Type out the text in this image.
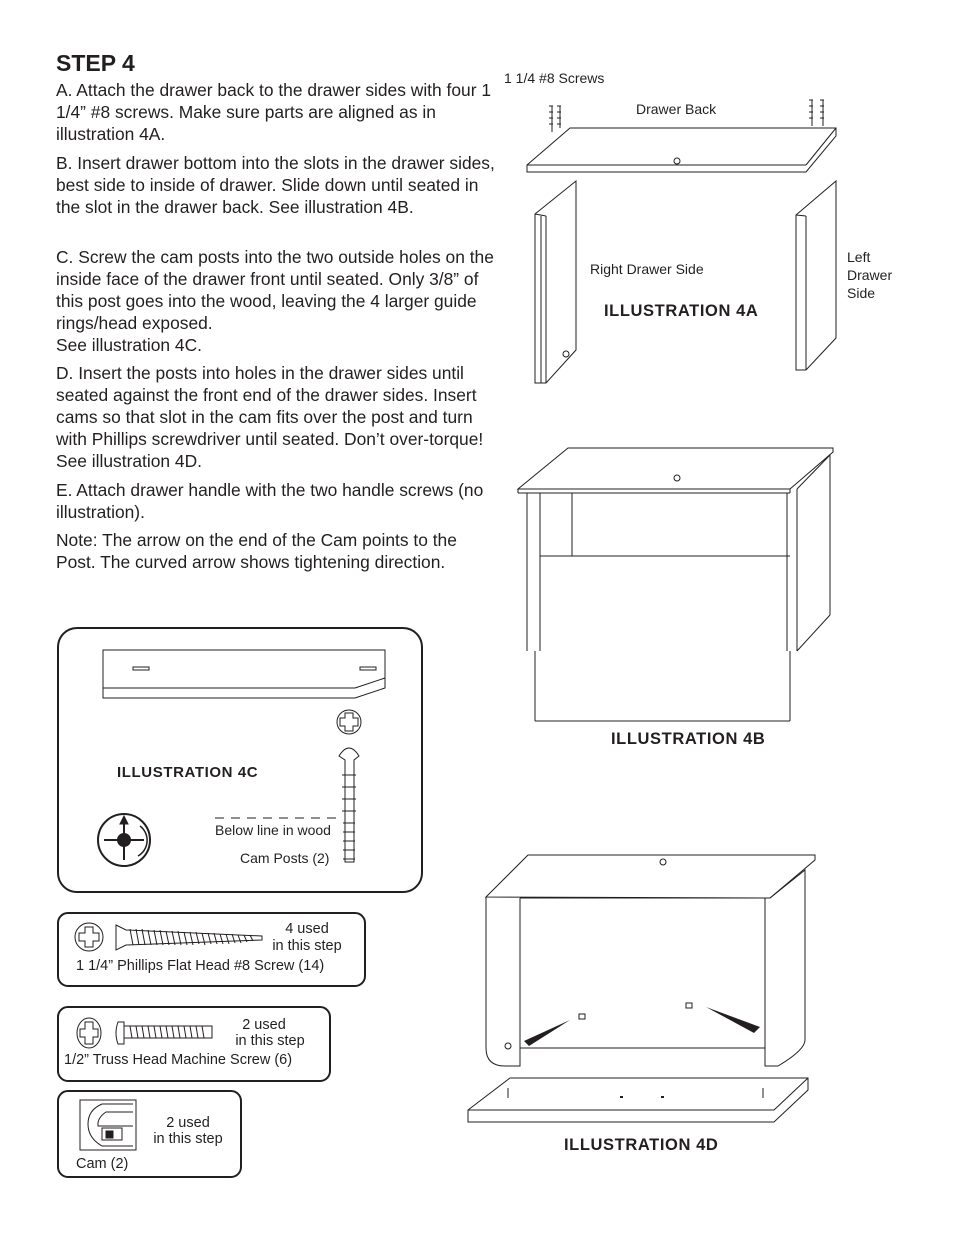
STEP 4

A. Attach the drawer back to the drawer sides with four 1 1/4” #8 screws. Make sure parts are aligned as in illustration 4A.

B. Insert drawer bottom into the slots in the drawer sides, best side to inside of drawer. Slide down until seated in the slot in the drawer back. See illustration 4B.

C. Screw the cam posts into the two outside holes on the inside face of the drawer front until seated. Only 3/8” of this post goes into the wood, leaving the 4 larger guide rings/head exposed.

See illustration 4C.

D. Insert the posts into holes in the drawer sides until seated against the front end of the drawer sides. Insert cams so that slot in the cam fits over the post and turn with Phillips screwdriver until seated. Don’t over-torque! See illustration 4D.

E. Attach drawer handle with the two handle screws (no illustration).

Note: The arrow on the end of the Cam points to the Post. The curved arrow shows tightening direction.

1 1/4 #8 Screws
Drawer Back
Right Drawer Side
Left
Drawer
Side
ILLUSTRATION 4A
ILLUSTRATION 4B
ILLUSTRATION 4D
ILLUSTRATION 4C
Below line in wood
Cam Posts (2)
4 used
in this step
1 1/4” Phillips Flat Head #8 Screw (14)
2 used
in this step
1/2” Truss Head Machine Screw (6)
2 used
in this step
Cam (2)
